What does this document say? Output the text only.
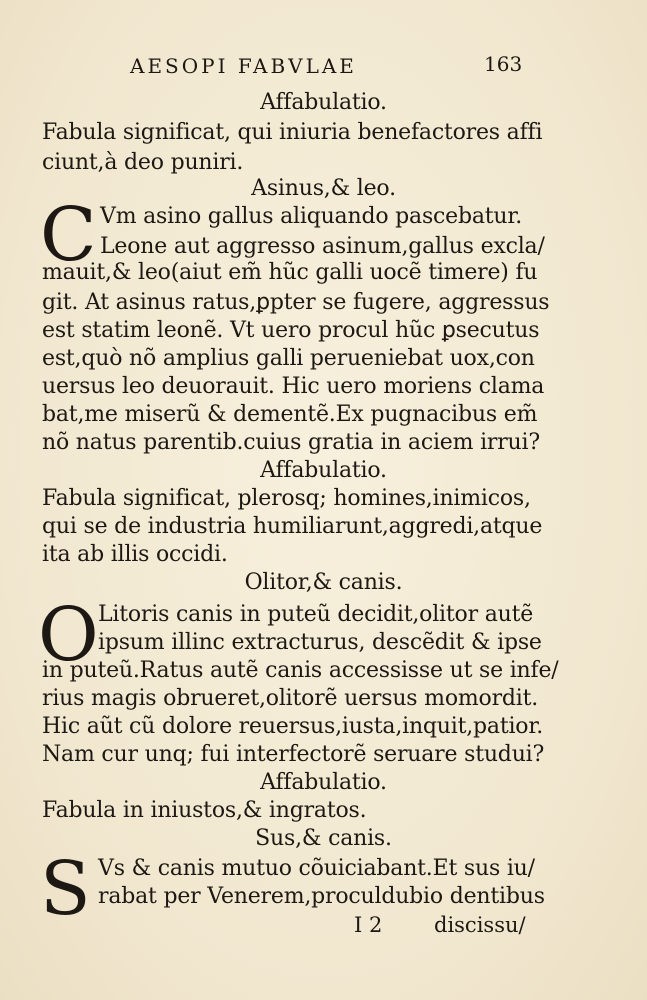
AESOPI FABVLAE	163
Affabulatio.
Fabula significat, qui iniuria benefactores affi
ciunt,à deo puniri.
Asinus,& leo.
C Vm asino gallus aliquando pascebatur.
Leone aut aggresso asinum,gallus excla/
mauit,& leo(aiut em̃ hũc galli uocẽ timere) fu
git. At asinus ratus,ꝑpter se fugere, aggressus
est statim leonẽ. Vt uero procul hũc ꝑsecutus
est,quò nõ amplius galli perueniebat uox,con
uersus leo deuorauit. Hic uero moriens clama
bat,me miserũ & dementẽ.Ex pugnacibus em̃
nõ natus parentib.cuius gratia in aciem irrui?
Affabulatio.
Fabula significat, plerosq; homines,inimicos,
qui se de industria humiliarunt,aggredi,atque
ita ab illis occidi.
Olitor,& canis.
O Litoris canis in puteũ decidit,olitor autẽ
ipsum illinc extracturus, descẽdit & ipse
in puteũ.Ratus autẽ canis accessisse ut se infe/
rius magis obrueret,olitorẽ uersus momordit.
Hic aũt cũ dolore reuersus,iusta,inquit,patior.
Nam cur unq; fui interfectorẽ seruare studui?
Affabulatio.
Fabula in iniustos,& ingratos.
Sus,& canis.
S Vs & canis mutuo cõuiciabant.Et sus iu/
rabat per Venerem,proculdubio dentibus
I 2 discissu/
